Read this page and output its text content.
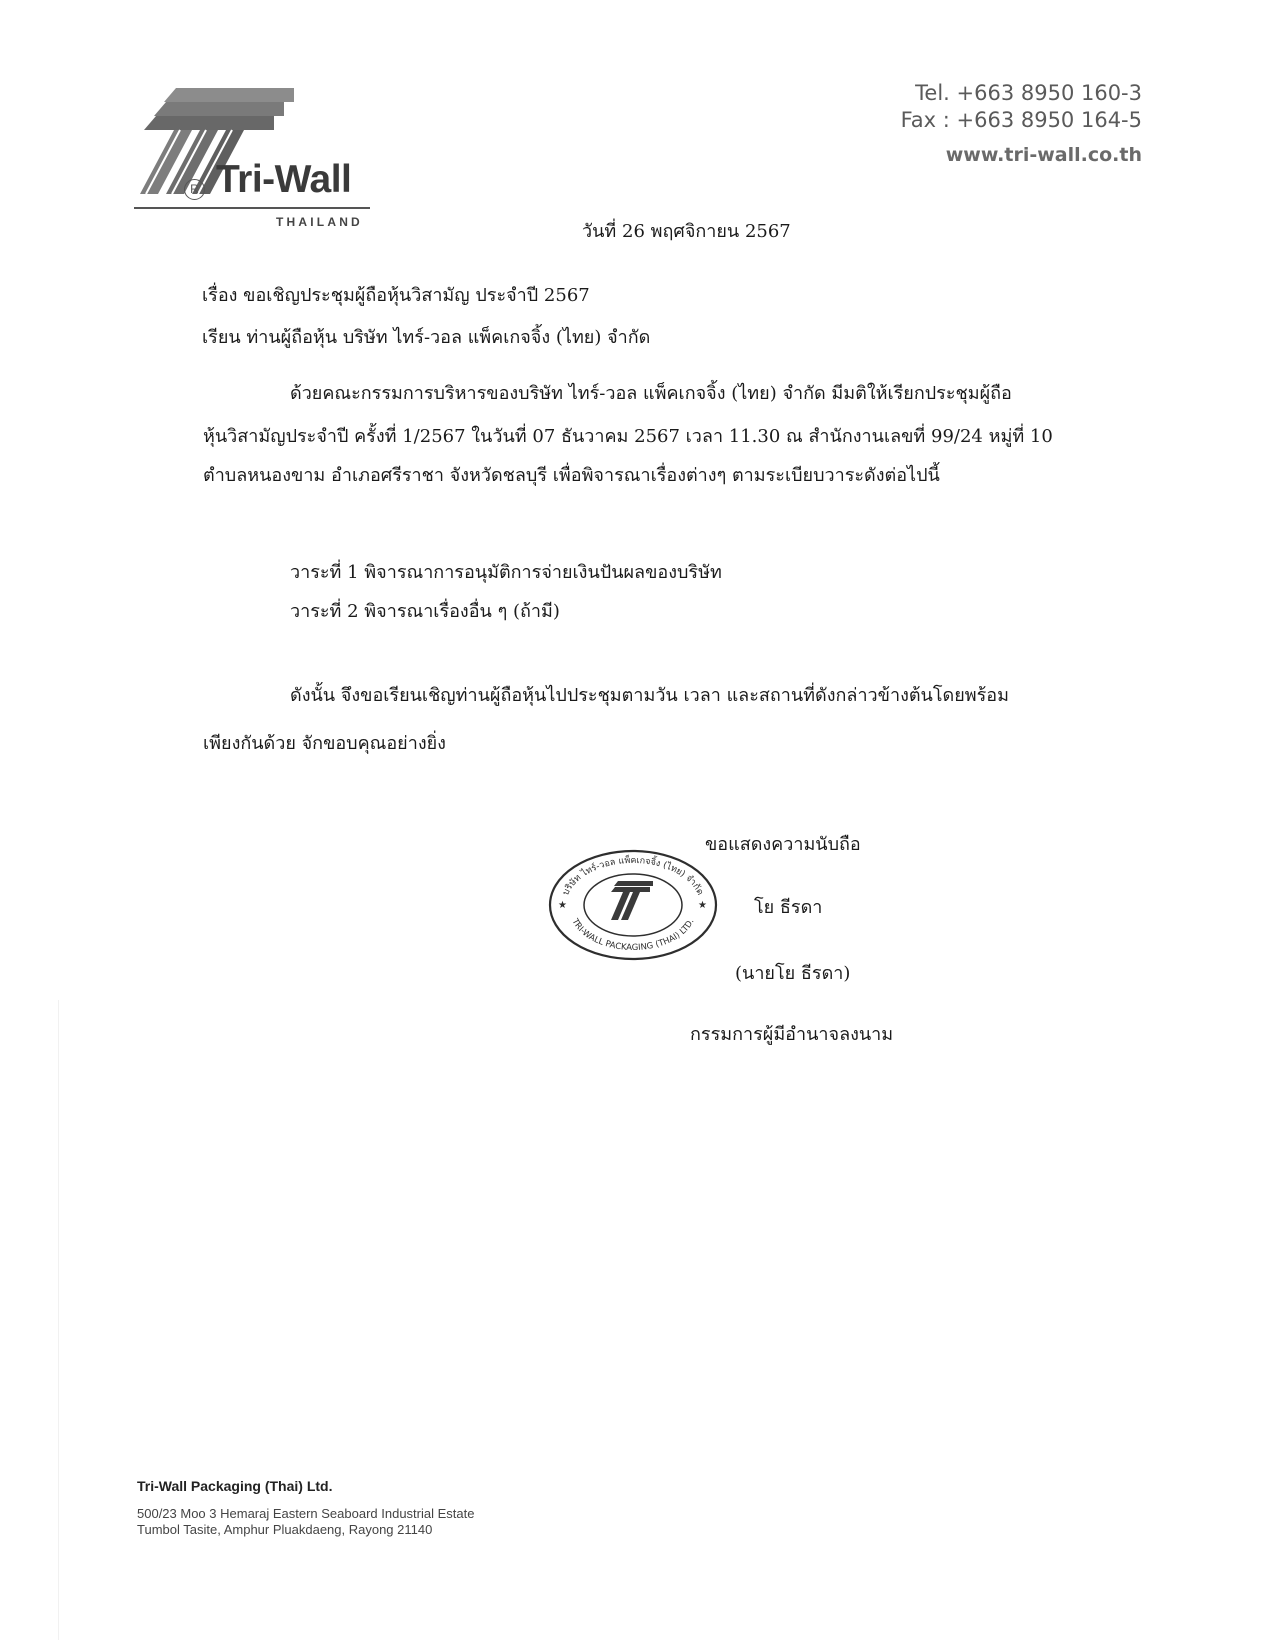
R Tri-Wall
THAILAND
Tel. +663 8950 160-3
Fax : +663 8950 164-5
www.tri-wall.co.th
วันที่ 26 พฤศจิกายน 2567
เรื่อง ขอเชิญประชุมผู้ถือหุ้นวิสามัญ ประจำปี 2567
เรียน ท่านผู้ถือหุ้น บริษัท ไทร์-วอล แพ็คเกจจิ้ง (ไทย) จำกัด
ด้วยคณะกรรมการบริหารของบริษัท ไทร์-วอล แพ็คเกจจิ้ง (ไทย) จำกัด มีมติให้เรียกประชุมผู้ถือ
หุ้นวิสามัญประจำปี ครั้งที่ 1/2567 ในวันที่ 07 ธันวาคม 2567 เวลา 11.30 ณ สำนักงานเลขที่ 99/24 หมู่ที่ 10
ตำบลหนองขาม อำเภอศรีราชา จังหวัดชลบุรี เพื่อพิจารณาเรื่องต่างๆ ตามระเบียบวาระดังต่อไปนี้
วาระที่ 1 พิจารณาการอนุมัติการจ่ายเงินปันผลของบริษัท
วาระที่ 2 พิจารณาเรื่องอื่น ๆ (ถ้ามี)
ดังนั้น จึงขอเรียนเชิญท่านผู้ถือหุ้นไปประชุมตามวัน เวลา และสถานที่ดังกล่าวข้างต้นโดยพร้อม
เพียงกันด้วย จักขอบคุณอย่างยิ่ง
ขอแสดงความนับถือ
บริษัท ไทร์-วอล แพ็คเกจจิ้ง (ไทย) จำกัด
TRI-WALL PACKAGING (THAI) LTD.
★	★	โย ธีรดา
(นายโย ธีรดา)
กรรมการผู้มีอำนาจลงนาม
Tri-Wall Packaging (Thai) Ltd.
500/23 Moo 3 Hemaraj Eastern Seaboard Industrial Estate
Tumbol Tasite, Amphur Pluakdaeng, Rayong 21140
